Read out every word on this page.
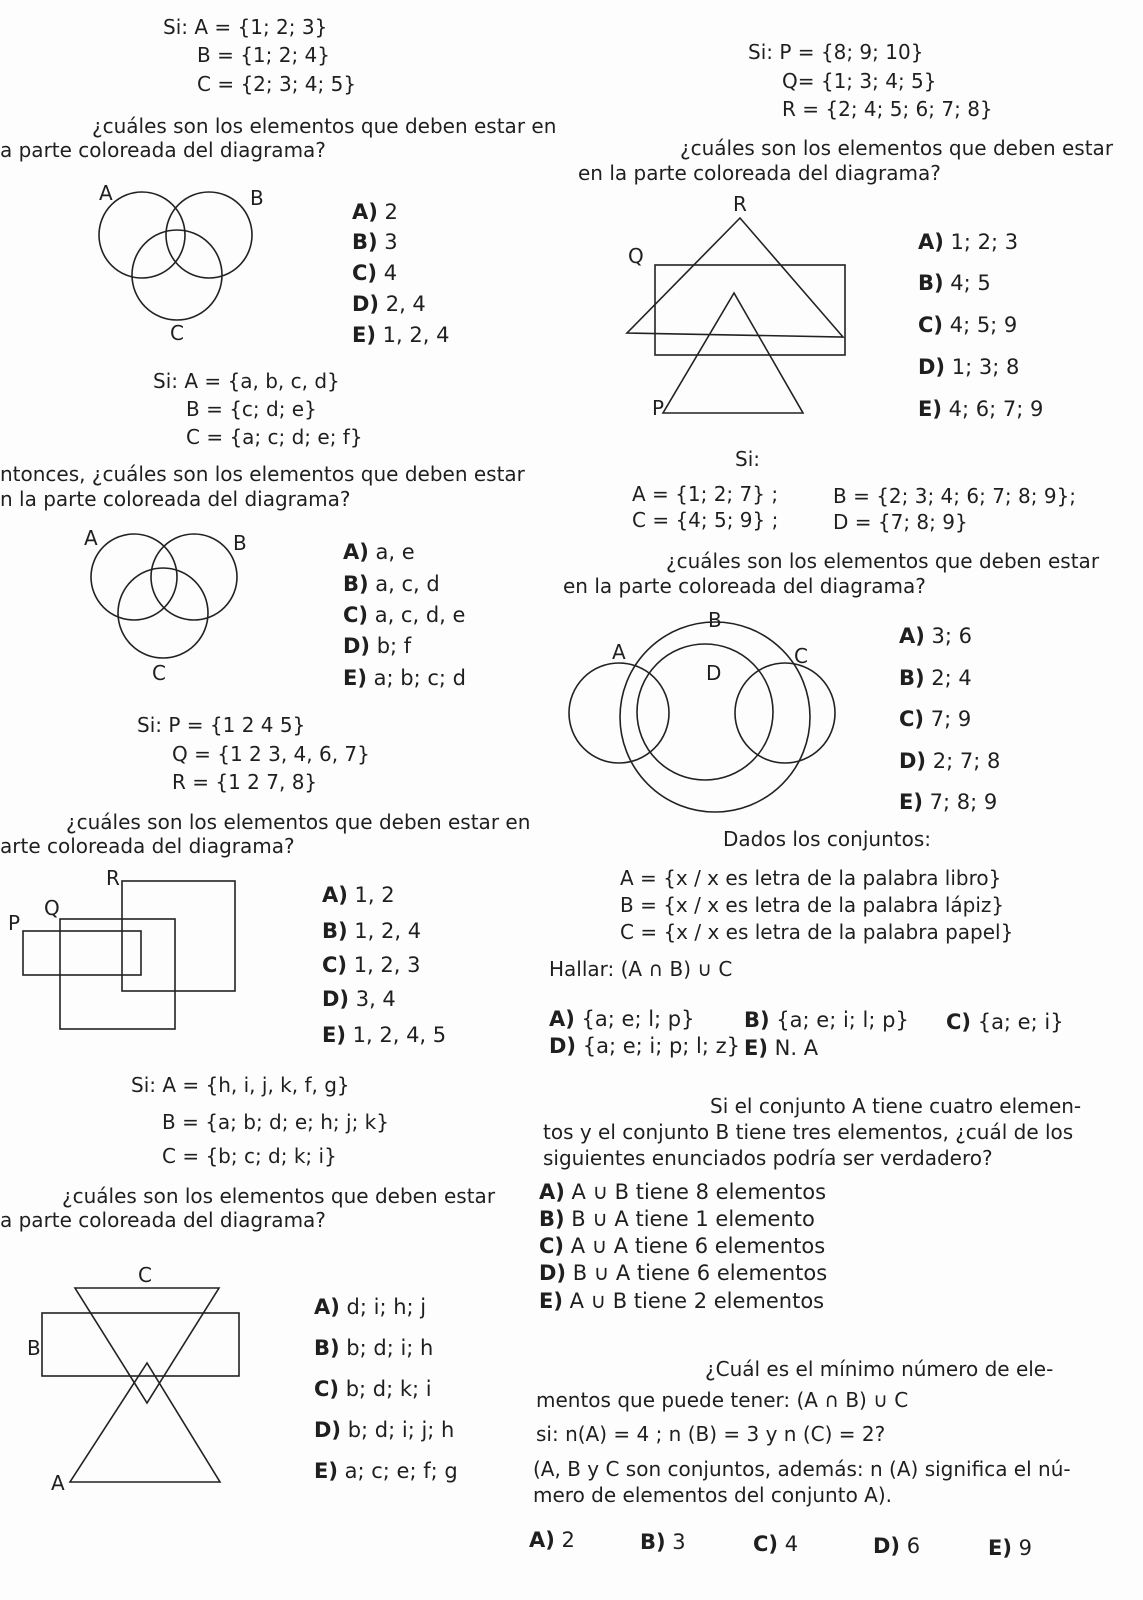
Si: A = {1; 2; 3}
B = {1; 2; 4}
C = {2; 3; 4; 5}
¿cuáles son los elementos que deben estar en
a parte coloreada del diagrama?
A	B
C
A) 2
B) 3
C) 4
D) 2, 4
E) 1, 2, 4
Si: A = {a, b, c, d}
B = {c; d; e}
C = {a; c; d; e; f}
ntonces, ¿cuáles son los elementos que deben estar
n la parte coloreada del diagrama?
A	B
C
A) a, e
B) a, c, d
C) a, c, d, e
D) b; f
E) a; b; c; d
Si: P = {1 2 4 5}
Q = {1 2 3, 4, 6, 7}
R = {1 2 7, 8}
¿cuáles son los elementos que deben estar en
arte coloreada del diagrama?
R
Q
P
A) 1, 2
B) 1, 2, 4
C) 1, 2, 3
D) 3, 4
E) 1, 2, 4, 5
Si: A = {h, i, j, k, f, g}
B = {a; b; d; e; h; j; k}
C = {b; c; d; k; i}
¿cuáles son los elementos que deben estar
a parte coloreada del diagrama?
C
B
A
A) d; i; h; j
B) b; d; i; h
C) b; d; k; i
D) b; d; i; j; h
E) a; c; e; f; g
Si: P = {8; 9; 10}
Q= {1; 3; 4; 5}
R = {2; 4; 5; 6; 7; 8}
¿cuáles son los elementos que deben estar
en la parte coloreada del diagrama?
R
Q
P
A) 1; 2; 3
B) 4; 5
C) 4; 5; 9
D) 1; 3; 8
E) 4; 6; 7; 9
Si:
A = {1; 2; 7} ;	B = {2; 3; 4; 6; 7; 8; 9};
C = {4; 5; 9} ;	D = {7; 8; 9}
¿cuáles son los elementos que deben estar
en la parte coloreada del diagrama?
B
A
D
C
A) 3; 6
B) 2; 4
C) 7; 9
D) 2; 7; 8
E) 7; 8; 9
Dados los conjuntos:
A = {x / x es letra de la palabra libro}
B = {x / x es letra de la palabra lápiz}
C = {x / x es letra de la palabra papel}
Hallar: (A ∩ B) ∪ C
A) {a; e; l; p} B) {a; e; i; l; p} C) {a; e; i}
D) {a; e; i; p; l; z} E) N. A
Si el conjunto A tiene cuatro elemen-
tos y el conjunto B tiene tres elementos, ¿cuál de los
siguientes enunciados podría ser verdadero?
A) A ∪ B tiene 8 elementos
B) B ∪ A tiene 1 elemento
C) A ∪ A tiene 6 elementos
D) B ∪ A tiene 6 elementos
E) A ∪ B tiene 2 elementos
¿Cuál es el mínimo número de ele-
mentos que puede tener: (A ∩ B) ∪ C
si: n(A) = 4 ; n (B) = 3 y n (C) = 2?
(A, B y C son conjuntos, además: n (A) significa el nú-
mero de elementos del conjunto A).
A) 2	B) 3	C) 4	D) 6	E) 9
